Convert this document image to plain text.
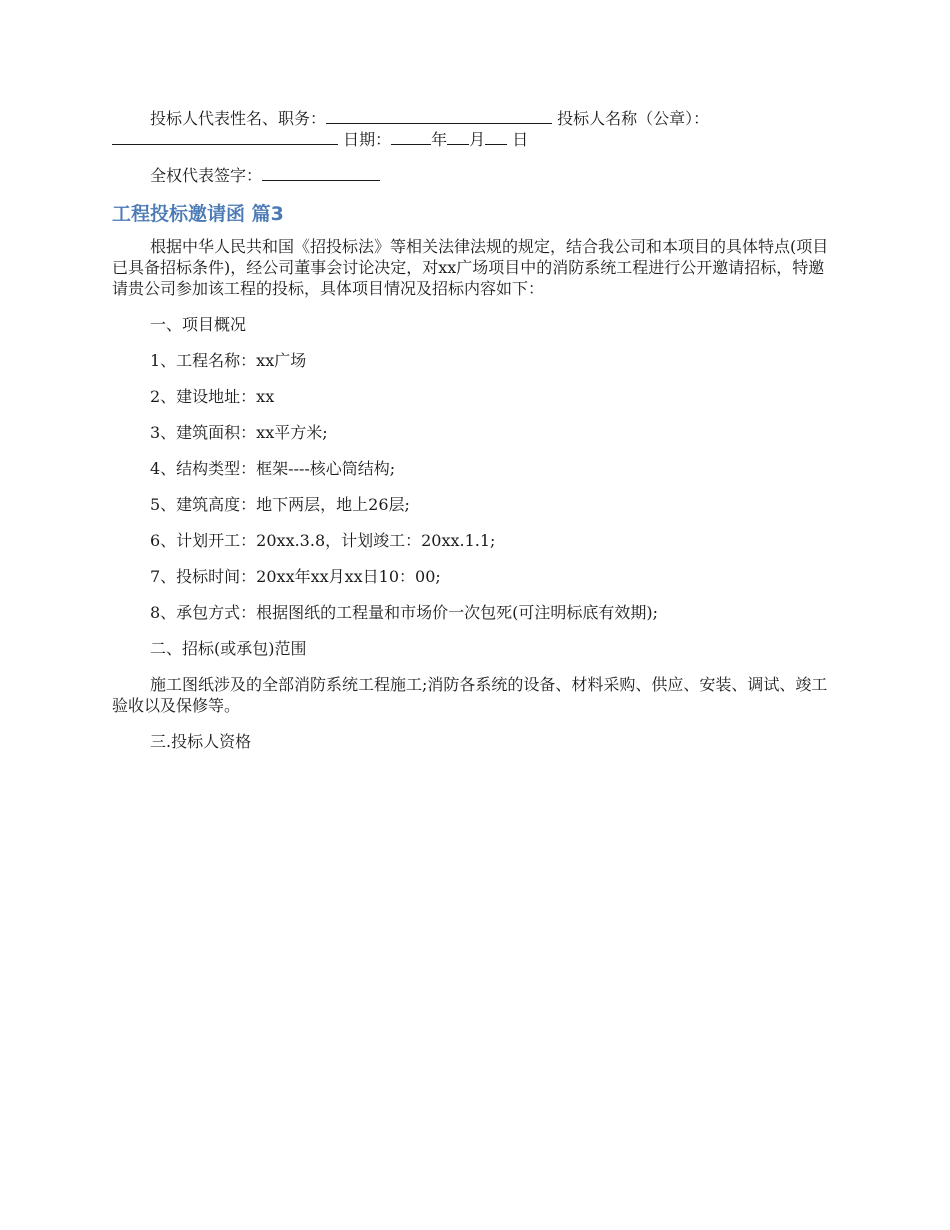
投标人代表性名、职务：	投标人名称（公章）： 日期：	年 月 日

全权代表签字：

工程投标邀请函 篇3

根据中华人民共和国《招投标法》等相关法律法规的规定，结合我公司和本项目的具体特点(项目已具备招标条件)，经公司董事会讨论决定，对xx广场项目中的消防系统工程进行公开邀请招标，特邀请贵公司参加该工程的投标，具体项目情况及招标内容如下：

一、项目概况

1、工程名称：xx广场

2、建设地址：xx

3、建筑面积：xx平方米;

4、结构类型：框架----核心筒结构;

5、建筑高度：地下两层，地上26层;

6、计划开工：20xx.3.8，计划竣工：20xx.1.1;

7、投标时间：20xx年xx月xx日10：00;

8、承包方式：根据图纸的工程量和市场价一次包死(可注明标底有效期);

二、招标(或承包)范围

施工图纸涉及的全部消防系统工程施工;消防各系统的设备、材料采购、供应、安装、调试、竣工验收以及保修等。

三.投标人资格
